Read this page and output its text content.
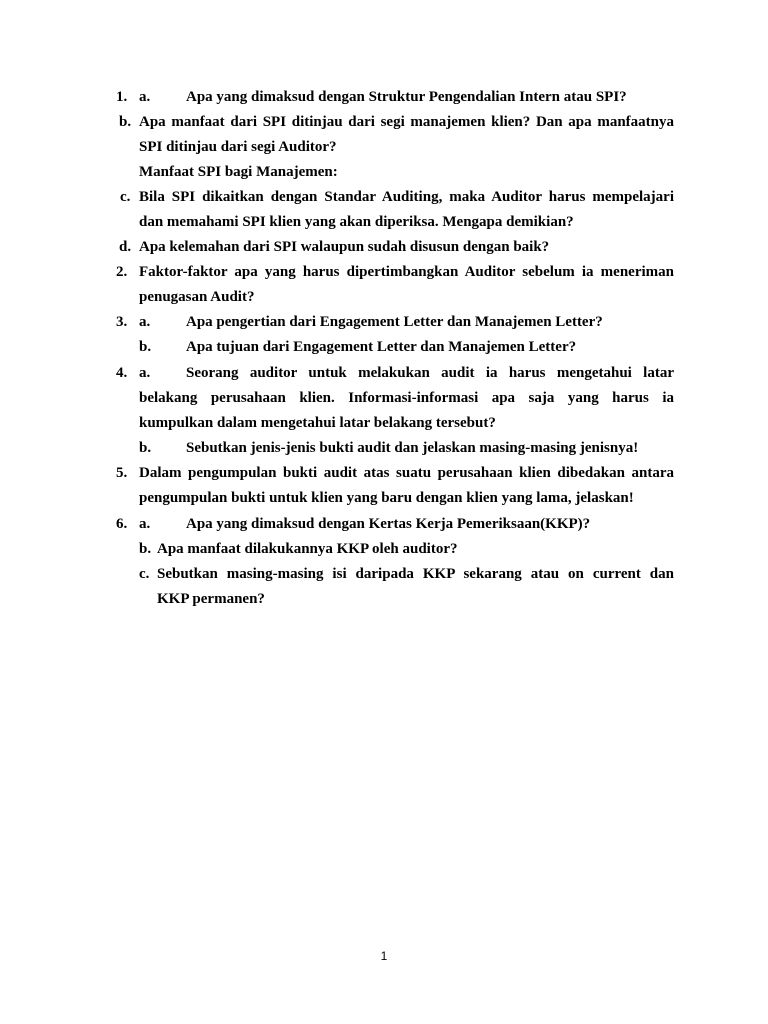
1. a. Apa yang dimaksud dengan Struktur Pengendalian Intern atau SPI?
b. Apa manfaat dari SPI ditinjau dari segi manajemen klien? Dan apa manfaatnya
SPI ditinjau dari segi Auditor?
Manfaat SPI bagi Manajemen:
c. Bila SPI dikaitkan dengan Standar Auditing, maka Auditor harus mempelajari
dan memahami SPI klien yang akan diperiksa. Mengapa demikian?
d. Apa kelemahan dari SPI walaupun sudah disusun dengan baik?
2. Faktor-faktor apa yang harus dipertimbangkan Auditor sebelum ia meneriman
penugasan Audit?
3. a. Apa pengertian dari Engagement Letter dan Manajemen Letter?
b. Apa tujuan dari Engagement Letter dan Manajemen Letter?
4. a. Seorang auditor untuk melakukan audit ia harus mengetahui latar
belakang perusahaan klien. Informasi-informasi apa saja yang harus ia
kumpulkan dalam mengetahui latar belakang tersebut?
b. Sebutkan jenis-jenis bukti audit dan jelaskan masing-masing jenisnya!
5. Dalam pengumpulan bukti audit atas suatu perusahaan klien dibedakan antara
pengumpulan bukti untuk klien yang baru dengan klien yang lama, jelaskan!
6. a. Apa yang dimaksud dengan Kertas Kerja Pemeriksaan(KKP)?
b. Apa manfaat dilakukannya KKP oleh auditor?
c. Sebutkan masing-masing isi daripada KKP sekarang atau on current dan
KKP permanen?
1
